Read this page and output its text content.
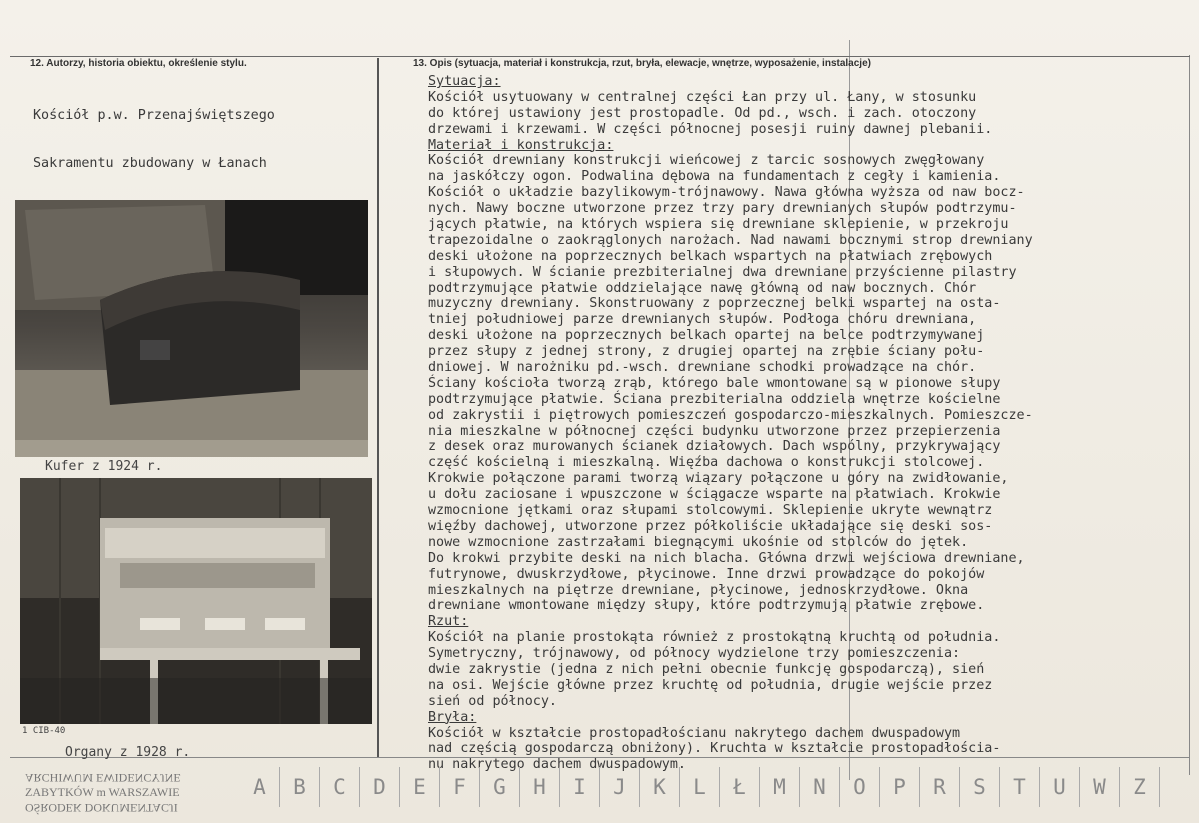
12. Autorzy, historia obiektu, określenie stylu.	13. Opis (sytuacja, materiał i konstrukcja, rzut, bryła, elewacje, wnętrze, wyposażenie, instalacje)

Kościół p.w. Przenajświętszego

Sakramentu zbudowany w Łanach

Kufer z 1924 r.
1 CIB-40
Organy z 1928 r.
Sytuacja:
Kościół usytuowany w centralnej części Łan przy ul. Łany, w stosunku
do której ustawiony jest prostopadle. Od pd., wsch. i zach. otoczony
drzewami i krzewami. W części północnej posesji ruiny dawnej plebanii.
Materiał i konstrukcja:
Kościół drewniany konstrukcji wieńcowej z tarcic sosnowych zwęgłowany
na jaskółczy ogon. Podwalina dębowa na fundamentach z cegły i kamienia.
Kościół o układzie bazylikowym-trójnawowy. Nawa główna wyższa od naw bocz-
nych. Nawy boczne utworzone przez trzy pary drewnianych słupów podtrzymu-
jących płatwie, na których wspiera się drewniane sklepienie, w przekroju
trapezoidalne o zaokrąglonych narożach. Nad nawami bocznymi strop drewniany
deski ułożone na poprzecznych belkach wspartych na płatwiach zrębowych
i słupowych. W ścianie prezbiterialnej dwa drewniane przyścienne pilastry
podtrzymujące płatwie oddzielające nawę główną od naw bocznych. Chór
muzyczny drewniany. Skonstruowany z poprzecznej belki wspartej na osta-
tniej południowej parze drewnianych słupów. Podłoga chóru drewniana,
deski ułożone na poprzecznych belkach opartej na belce podtrzymywanej
przez słupy z jednej strony, z drugiej opartej na zrębie ściany połu-
dniowej. W narożniku pd.-wsch. drewniane schodki prowadzące na chór.
Ściany kościoła tworzą zrąb, którego bale wmontowane są w pionowe słupy
podtrzymujące płatwie. Ściana prezbiterialna oddziela wnętrze kościelne
od zakrystii i piętrowych pomieszczeń gospodarczo-mieszkalnych. Pomieszcze-
nia mieszkalne w północnej części budynku utworzone przez przepierzenia
z desek oraz murowanych ścianek działowych. Dach wspólny, przykrywający
część kościelną i mieszkalną. Więźba dachowa o konstrukcji stolcowej.
Krokwie połączone parami tworzą wiązary połączone u góry na zwidłowanie,
u dołu zaciosane i wpuszczone w ściągacze wsparte na płatwiach. Krokwie
wzmocnione jętkami oraz słupami stolcowymi. Sklepienie ukryte wewnątrz
więźby dachowej, utworzone przez półkoliście układające się deski sos-
nowe wzmocnione zastrzałami biegnącymi ukośnie od stolców do jętek.
Do krokwi przybite deski na nich blacha. Główna drzwi wejściowa drewniane,
futrynowe, dwuskrzydłowe, płycinowe. Inne drzwi prowadzące do pokojów
mieszkalnych na piętrze drewniane, płycinowe, jednoskrzydłowe. Okna
drewniane wmontowane między słupy, które podtrzymują płatwie zrębowe.
Rzut:
Kościół na planie prostokąta również z prostokątną kruchtą od południa.
Symetryczny, trójnawowy, od północy wydzielone trzy pomieszczenia:
dwie zakrystie (jedna z nich pełni obecnie funkcję gospodarczą), sień
na osi. Wejście główne przez kruchtę od południa, drugie wejście przez
sień od północy.
Bryła:
Kościół w kształcie prostopadłościanu nakrytego dachem dwuspadowym
nad częścią gospodarczą obniżony). Kruchta w kształcie prostopadłościa-
nu nakrytego dachem dwuspadowym.
ARCHIWUM EWIDENCYJNE
ZABYTKÓW m WARSZAWIE
OŚRODEK DOKUMENTACJI
A B C D E F G H I J K L Ł M N O P R S T U W Z
